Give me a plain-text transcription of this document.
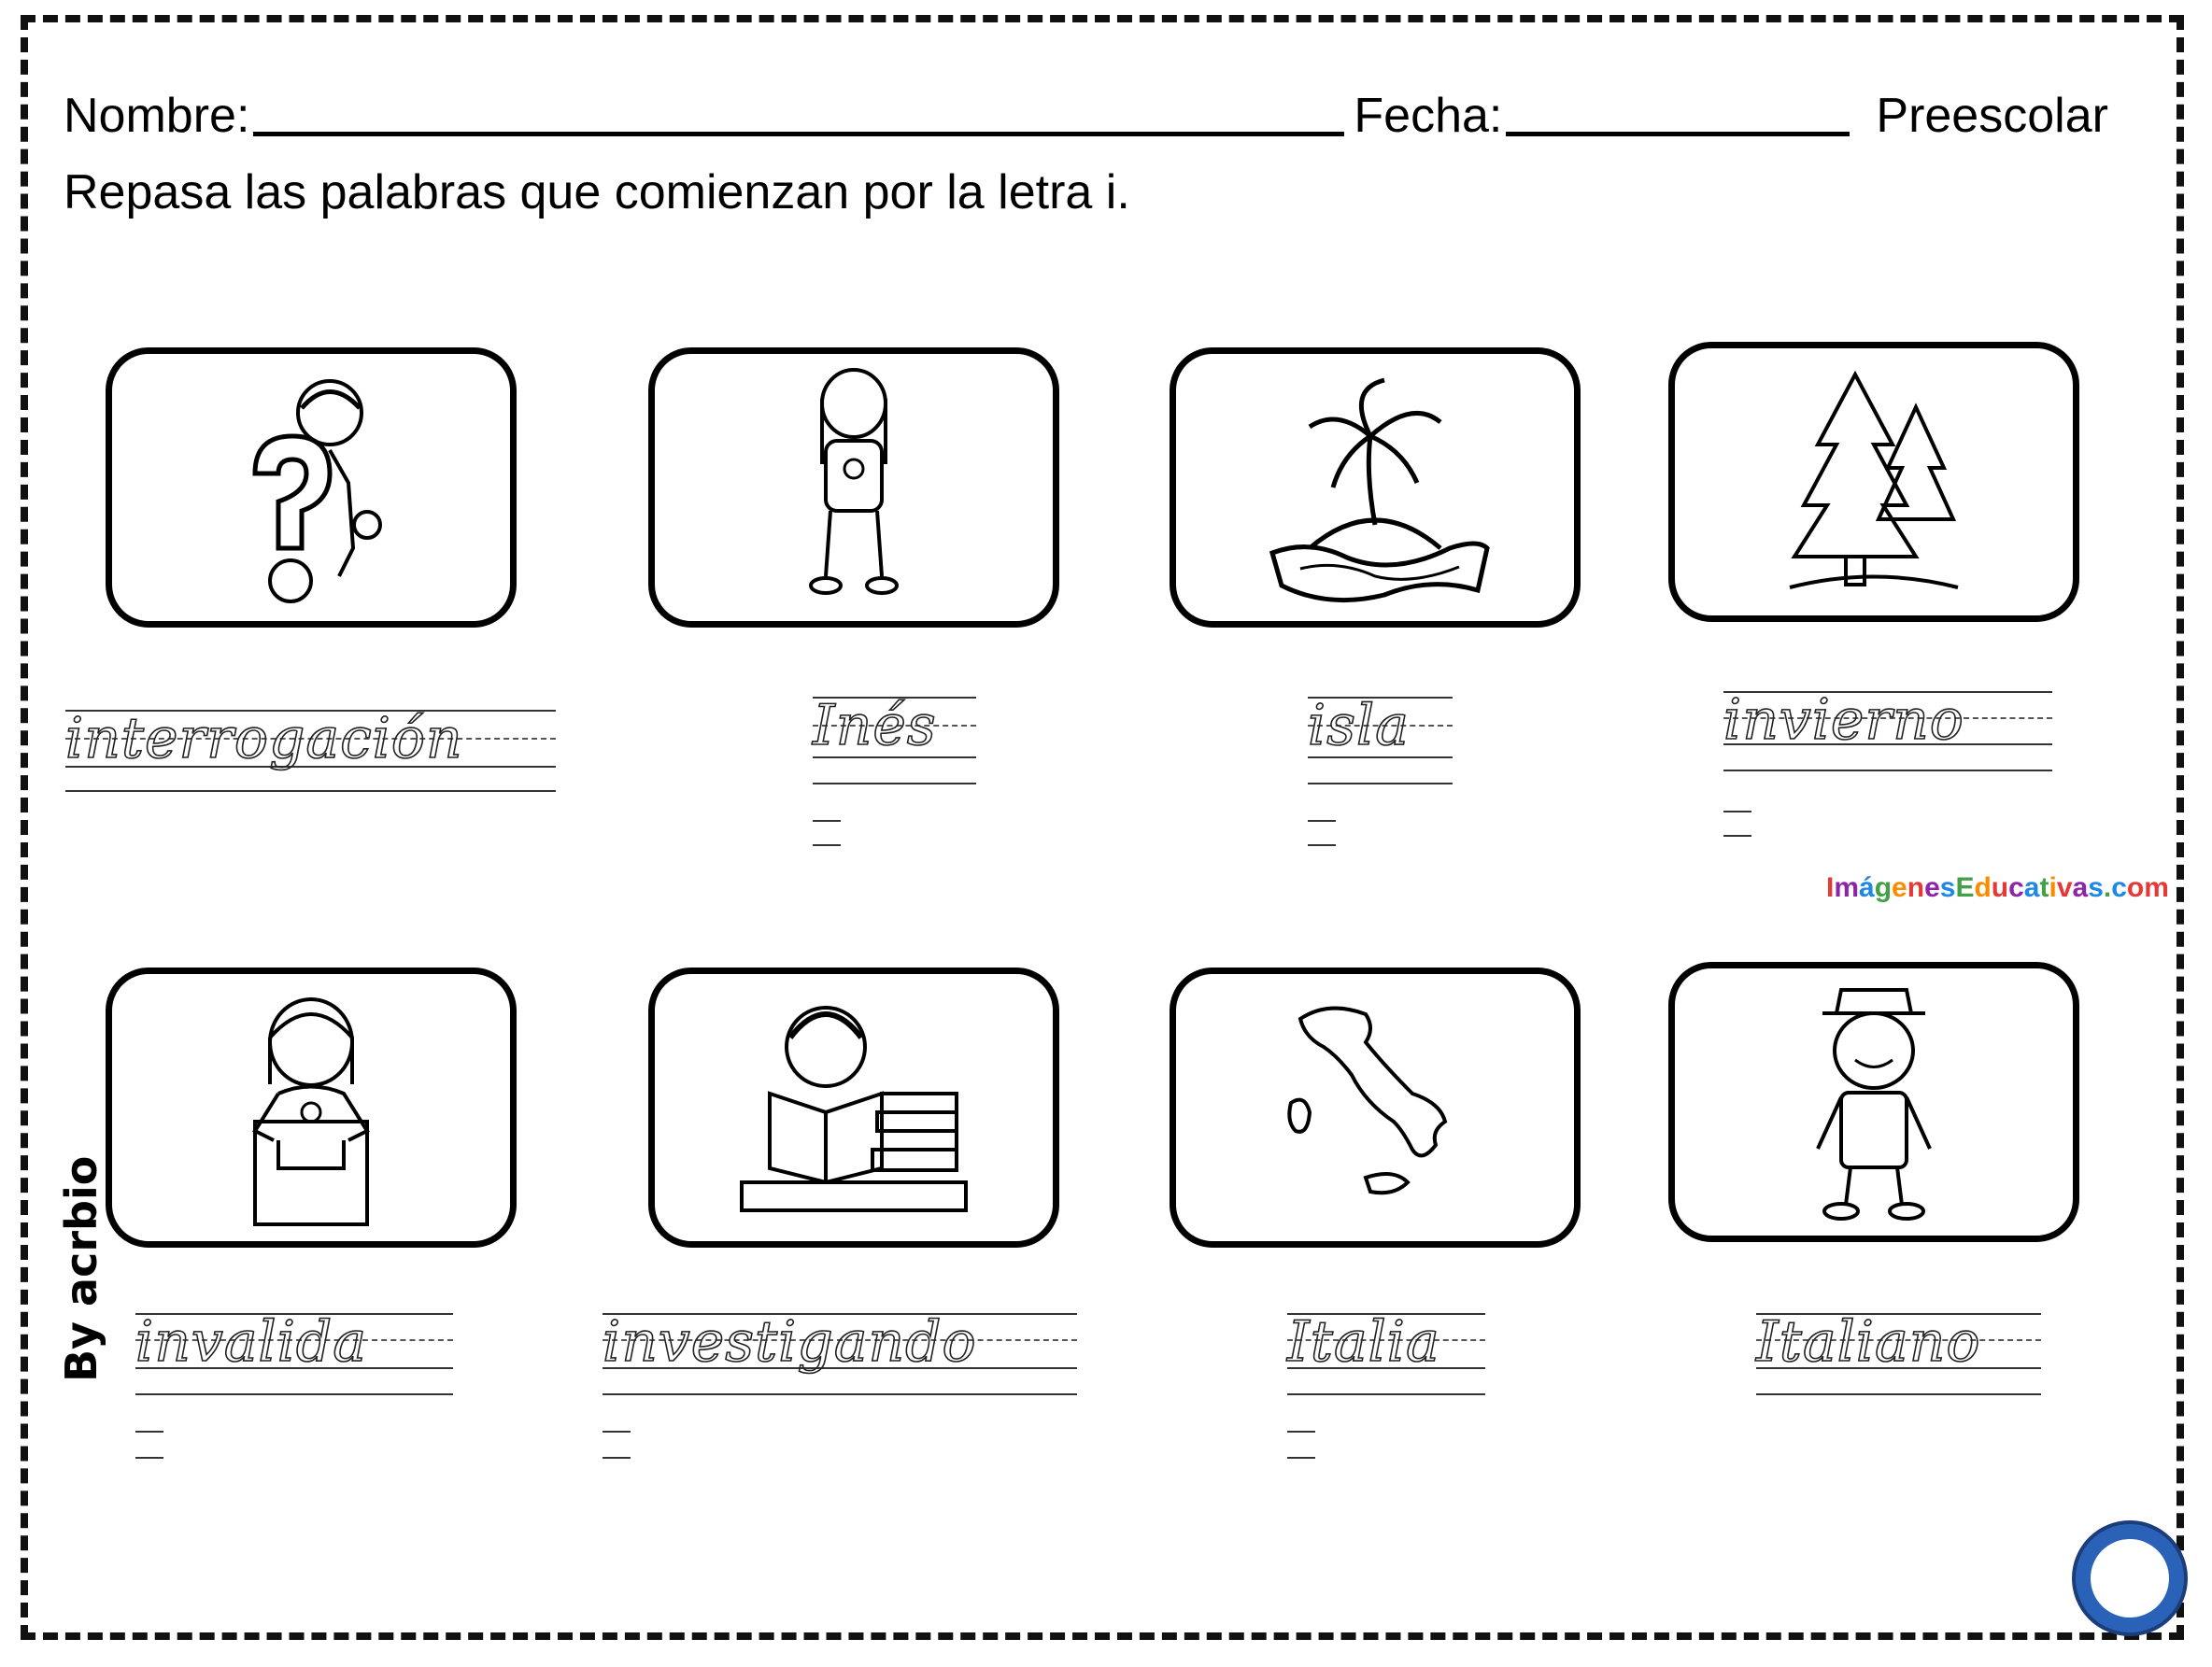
Nombre:	Fecha:	Preescolar
Repasa las palabras que comienzan por la letra i.
interrogación	Inés	isla	invierno
invalida	investigando	Italia	Italiano
ImágenesEducativas.com
By acrbio
